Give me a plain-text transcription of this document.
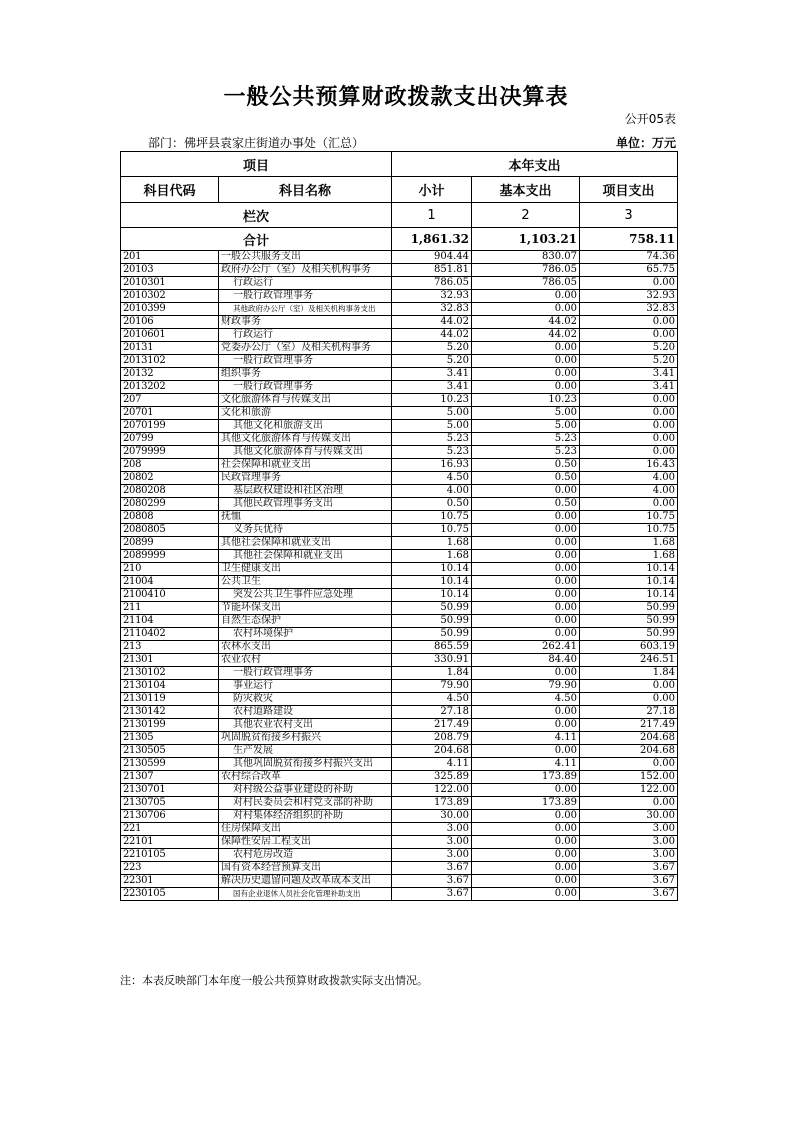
一般公共预算财政拨款支出决算表
公开05表
部门：佛坪县袁家庄街道办事处（汇总）	单位：万元
项目		本年支出		
科目代码	科目名称	小计	基本支出	项目支出
栏次		1	2	3
合计		1,861.32	1,103.21	758.11
201	一般公共服务支出	904.44	830.07	74.36
20103	政府办公厅（室）及相关机构事务	851.81	786.05	65.75
2010301	行政运行	786.05	786.05	0.00
2010302	一般行政管理事务	32.93	0.00	32.93
2010399	其他政府办公厅（室）及相关机构事务支出	32.83	0.00	32.83
20106	财政事务	44.02	44.02	0.00
2010601	行政运行	44.02	44.02	0.00
20131	党委办公厅（室）及相关机构事务	5.20	0.00	5.20
2013102	一般行政管理事务	5.20	0.00	5.20
20132	组织事务	3.41	0.00	3.41
2013202	一般行政管理事务	3.41	0.00	3.41
207	文化旅游体育与传媒支出	10.23	10.23	0.00
20701	文化和旅游	5.00	5.00	0.00
2070199	其他文化和旅游支出	5.00	5.00	0.00
20799	其他文化旅游体育与传媒支出	5.23	5.23	0.00
2079999	其他文化旅游体育与传媒支出	5.23	5.23	0.00
208	社会保障和就业支出	16.93	0.50	16.43
20802	民政管理事务	4.50	0.50	4.00
2080208	基层政权建设和社区治理	4.00	0.00	4.00
2080299	其他民政管理事务支出	0.50	0.50	0.00
20808	抚恤	10.75	0.00	10.75
2080805	义务兵优待	10.75	0.00	10.75
20899	其他社会保障和就业支出	1.68	0.00	1.68
2089999	其他社会保障和就业支出	1.68	0.00	1.68
210	卫生健康支出	10.14	0.00	10.14
21004	公共卫生	10.14	0.00	10.14
2100410	突发公共卫生事件应急处理	10.14	0.00	10.14
211	节能环保支出	50.99	0.00	50.99
21104	自然生态保护	50.99	0.00	50.99
2110402	农村环境保护	50.99	0.00	50.99
213	农林水支出	865.59	262.41	603.19
21301	农业农村	330.91	84.40	246.51
2130102	一般行政管理事务	1.84	0.00	1.84
2130104	事业运行	79.90	79.90	0.00
2130119	防灾救灾	4.50	4.50	0.00
2130142	农村道路建设	27.18	0.00	27.18
2130199	其他农业农村支出	217.49	0.00	217.49
21305	巩固脱贫衔接乡村振兴	208.79	4.11	204.68
2130505	生产发展	204.68	0.00	204.68
2130599	其他巩固脱贫衔接乡村振兴支出	4.11	4.11	0.00
21307	农村综合改革	325.89	173.89	152.00
2130701	对村级公益事业建设的补助	122.00	0.00	122.00
2130705	对村民委员会和村党支部的补助	173.89	173.89	0.00
2130706	对村集体经济组织的补助	30.00	0.00	30.00
221	住房保障支出	3.00	0.00	3.00
22101	保障性安居工程支出	3.00	0.00	3.00
2210105	农村危房改造	3.00	0.00	3.00
223	国有资本经营预算支出	3.67	0.00	3.67
22301	解决历史遗留问题及改革成本支出	3.67	0.00	3.67
2230105	国有企业退休人员社会化管理补助支出	3.67	0.00	3.67
注：本表反映部门本年度一般公共预算财政拨款实际支出情况。
